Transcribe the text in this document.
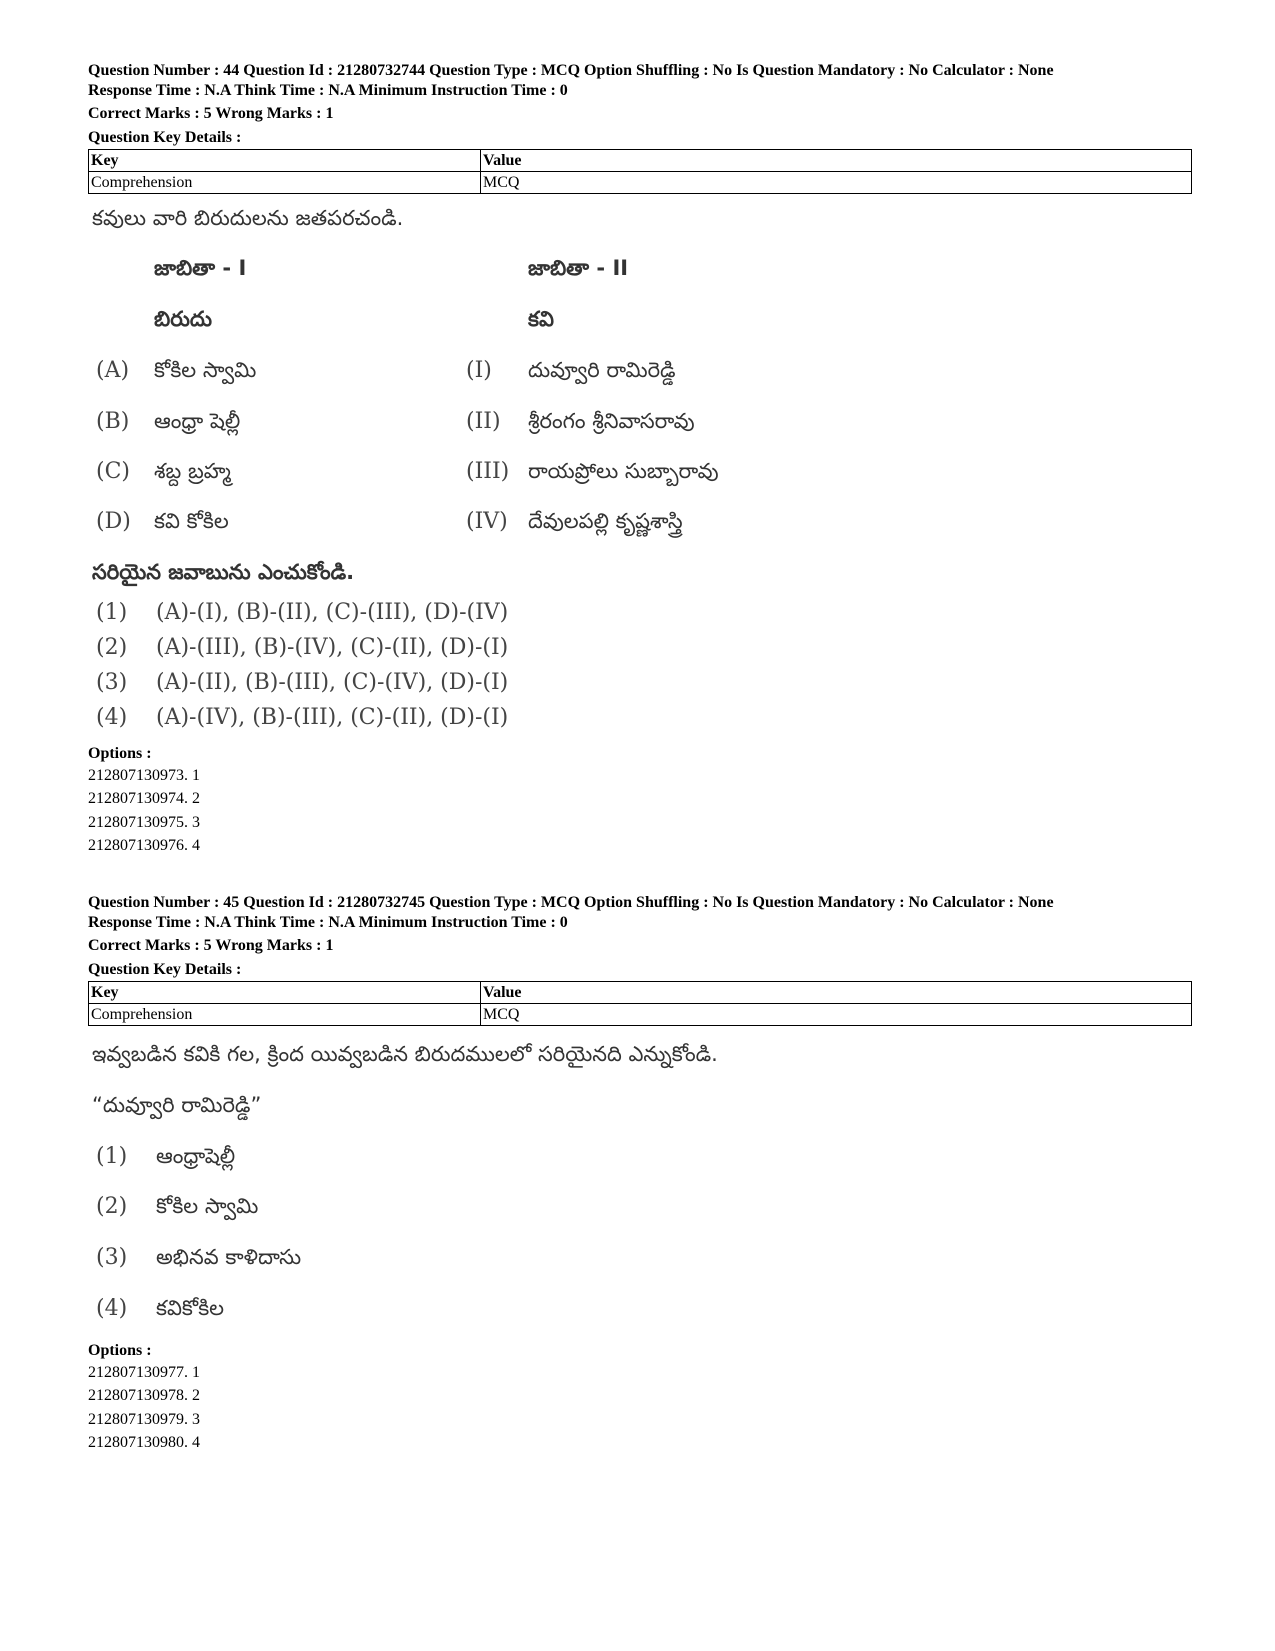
Question Number : 44 Question Id : 21280732744 Question Type : MCQ Option Shuffling : No Is Question Mandatory : No Calculator : None

Response Time : N.A Think Time : N.A Minimum Instruction Time : 0

Correct Marks : 5 Wrong Marks : 1

Question Key Details :
Key	Value
Comprehension	MCQ
కవులు వారి బిరుదులను జతపరచండి.
జాబితా - I	జాబితా - II
బిరుదు	కవి
(A) కోకిల స్వామి	(I) దువ్వూరి రామిరెడ్డి
(B) ఆంధ్రా షెల్లీ	(II) శ్రీరంగం శ్రీనివాసరావు
(C) శబ్ద బ్రహ్మ	(III) రాయప్రోలు సుబ్బారావు
(D) కవి కోకిల	(IV) దేవులపల్లి కృష్ణశాస్త్రి
సరియైన జవాబును ఎంచుకోండి.
(1) (A)-(I), (B)-(II), (C)-(III), (D)-(IV)
(2) (A)-(III), (B)-(IV), (C)-(II), (D)-(I)
(3) (A)-(II), (B)-(III), (C)-(IV), (D)-(I)
(4) (A)-(IV), (B)-(III), (C)-(II), (D)-(I)
Options :
212807130973. 1
212807130974. 2
212807130975. 3
212807130976. 4

Question Number : 45 Question Id : 21280732745 Question Type : MCQ Option Shuffling : No Is Question Mandatory : No Calculator : None

Response Time : N.A Think Time : N.A Minimum Instruction Time : 0

Correct Marks : 5 Wrong Marks : 1

Question Key Details :
Key	Value
Comprehension	MCQ
ఇవ్వబడిన కవికి గల, క్రింద యివ్వబడిన బిరుదములలో సరియైనది ఎన్నుకోండి.
“దువ్వూరి రామిరెడ్డి”
(1) ఆంధ్రాషెల్లీ
(2) కోకిల స్వామి
(3) అభినవ కాళిదాసు
(4) కవికోకిల
Options :
212807130977. 1
212807130978. 2
212807130979. 3
212807130980. 4
